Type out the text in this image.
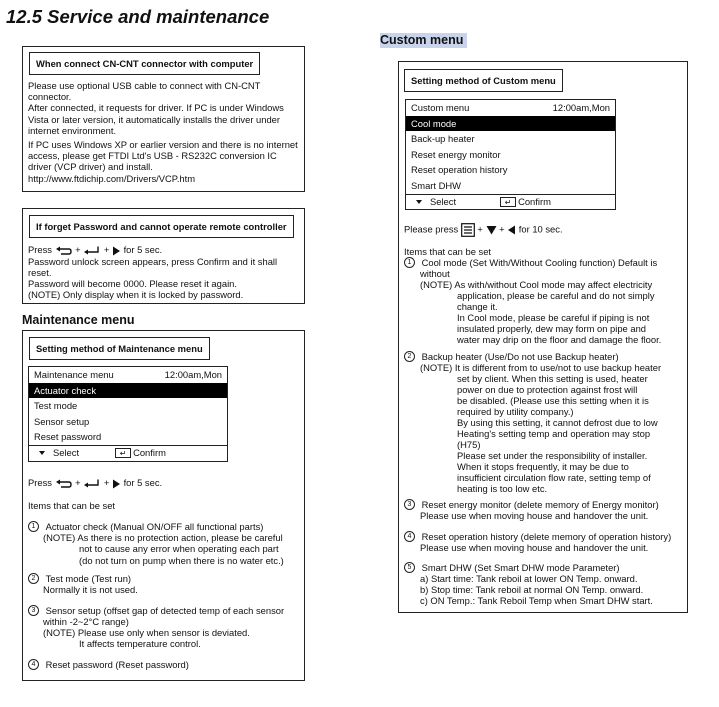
12.5 Service and maintenance
When connect CN-CNT connector with computer

Please use optional USB cable to connect with CN-CNT

connector.

After connected, it requests for driver. If PC is under Windows

Vista or later version, it automatically installs the driver under

internet environment.

If PC uses Windows XP or earlier version and there is no internet

access, please get FTDI Ltd's USB - RS232C conversion IC

driver (VCP driver) and install.

http://www.ftdichip.com/Drivers/VCP.htm

If forget Password and cannot operate remote controller

Press  +  +  for 5 sec.

Password unlock screen appears, press Confirm and it shall

reset.

Password will become 0000. Please reset it again.

(NOTE) Only display when it is locked by password.

Maintenance menu
Setting method of Maintenance menu
Maintenance menu	12:00am,Mon
Actuator check
Test mode
Sensor setup
Reset password
Select	↵ Confirm
Press  +  +  for 5 sec.
Items that can be set
1 Actuator check (Manual ON/OFF all functional parts)
(NOTE) As there is no protection action, please be careful
not to cause any error when operating each part
(do not turn on pump when there is no water etc.)
2 Test mode (Test run)
Normally it is not used.
3 Sensor setup (offset gap of detected temp of each sensor
within -2~2°C range)
(NOTE) Please use only when sensor is deviated.
It affects temperature control.
4 Reset password (Reset password)
Custom menu
Setting method of Custom menu
Custom menu	12:00am,Mon
Cool mode
Back-up heater
Reset energy monitor
Reset operation history
Smart DHW
Select	↵ Confirm
Please press  +  +  for 10 sec.
Items that can be set
1 Cool mode (Set With/Without Cooling function) Default is
without
(NOTE) As with/without Cool mode may affect electricity
application, please be careful and do not simply
change it.
In Cool mode, please be careful if piping is not
insulated properly, dew may form on pipe and
water may drip on the floor and damage the floor.
2 Backup heater (Use/Do not use Backup heater)
(NOTE) It is different from to use/not to use backup heater
set by client. When this setting is used, heater
power on due to protection against frost will
be disabled. (Please use this setting when it is
required by utility company.)
By using this setting, it cannot defrost due to low
Heating's setting temp and operation may stop
(H75)
Please set under the responsibility of installer.
When it stops frequently, it may be due to
insufficient circulation flow rate, setting temp of
heating is too low etc.
3 Reset energy monitor (delete memory of Energy monitor)
Please use when moving house and handover the unit.
4 Reset operation history (delete memory of operation history)
Please use when moving house and handover the unit.
5 Smart DHW (Set Smart DHW mode Parameter)
a) Start time: Tank reboil at lower ON Temp. onward.
b) Stop time: Tank reboil at normal ON Temp. onward.
c) ON Temp.: Tank Reboil Temp when Smart DHW start.
